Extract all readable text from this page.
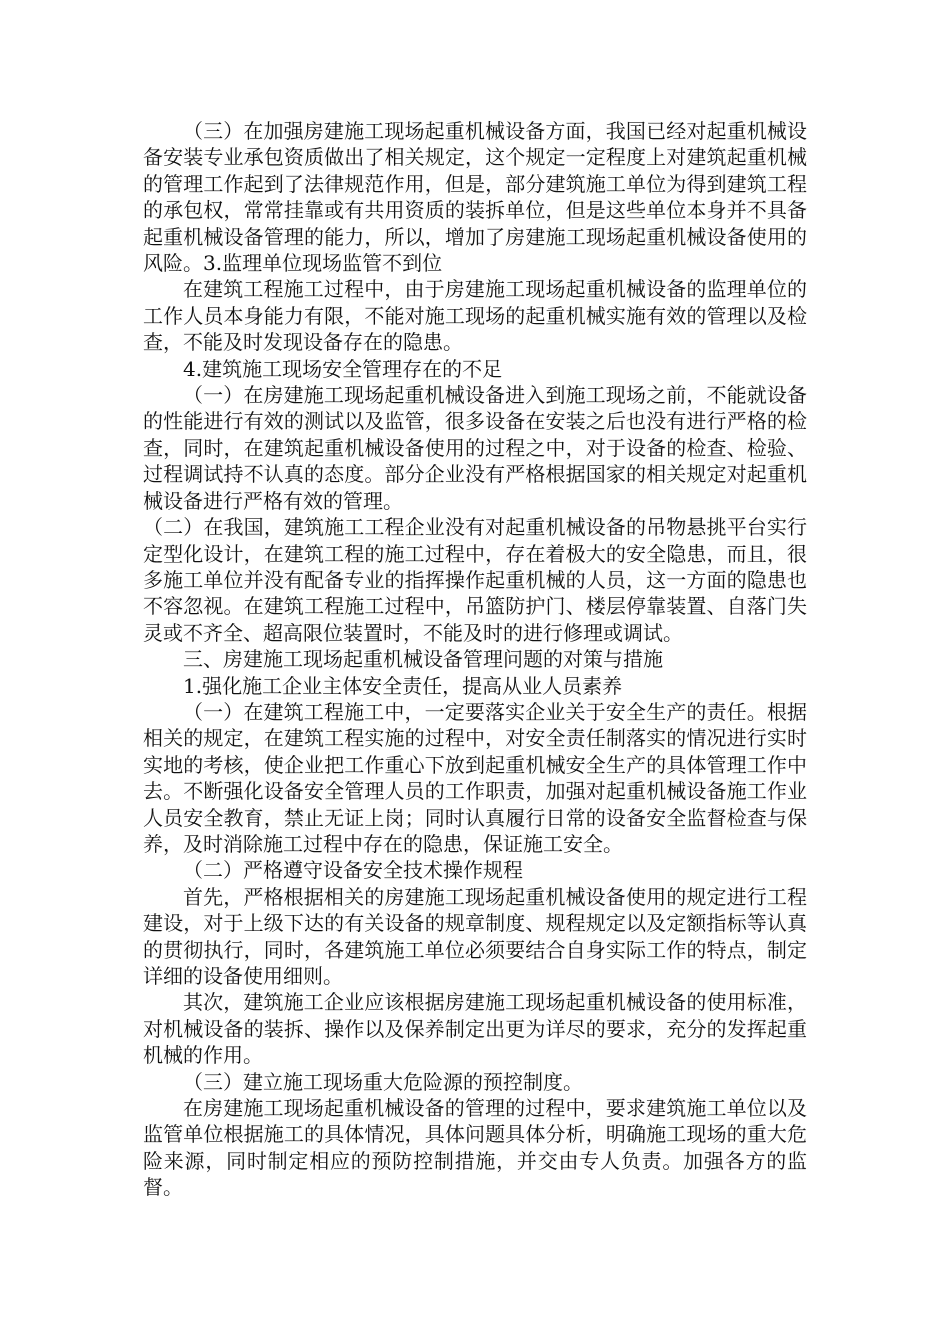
（三）在加强房建施工现场起重机械设备方面，我国已经对起重机械设备安装专业承包资质做出了相关规定，这个规定一定程度上对建筑起重机械的管理工作起到了法律规范作用，但是，部分建筑施工单位为得到建筑工程的承包权，常常挂靠或有共用资质的装拆单位，但是这些单位本身并不具备起重机械设备管理的能力，所以，增加了房建施工现场起重机械设备使用的风险。3.监理单位现场监管不到位

在建筑工程施工过程中，由于房建施工现场起重机械设备的监理单位的工作人员本身能力有限，不能对施工现场的起重机械实施有效的管理以及检查，不能及时发现设备存在的隐患。

4.建筑施工现场安全管理存在的不足

（一）在房建施工现场起重机械设备进入到施工现场之前，不能就设备的性能进行有效的测试以及监管，很多设备在安装之后也没有进行严格的检查，同时，在建筑起重机械设备使用的过程之中，对于设备的检查、检验、过程调试持不认真的态度。部分企业没有严格根据国家的相关规定对起重机械设备进行严格有效的管理。

（二）在我国，建筑施工工程企业没有对起重机械设备的吊物悬挑平台实行定型化设计，在建筑工程的施工过程中，存在着极大的安全隐患，而且，很多施工单位并没有配备专业的指挥操作起重机械的人员，这一方面的隐患也不容忽视。在建筑工程施工过程中，吊篮防护门、楼层停靠装置、自落门失灵或不齐全、超高限位装置时，不能及时的进行修理或调试。

三、房建施工现场起重机械设备管理问题的对策与措施

1.强化施工企业主体安全责任，提高从业人员素养

（一）在建筑工程施工中，一定要落实企业关于安全生产的责任。根据相关的规定，在建筑工程实施的过程中，对安全责任制落实的情况进行实时实地的考核，使企业把工作重心下放到起重机械安全生产的具体管理工作中去。不断强化设备安全管理人员的工作职责，加强对起重机械设备施工作业人员安全教育，禁止无证上岗；同时认真履行日常的设备安全监督检查与保养，及时消除施工过程中存在的隐患，保证施工安全。

（二）严格遵守设备安全技术操作规程

首先，严格根据相关的房建施工现场起重机械设备使用的规定进行工程建设，对于上级下达的有关设备的规章制度、规程规定以及定额指标等认真的贯彻执行，同时，各建筑施工单位必须要结合自身实际工作的特点，制定详细的设备使用细则。

其次，建筑施工企业应该根据房建施工现场起重机械设备的使用标准，对机械设备的装拆、操作以及保养制定出更为详尽的要求，充分的发挥起重机械的作用。

（三）建立施工现场重大危险源的预控制度。

在房建施工现场起重机械设备的管理的过程中，要求建筑施工单位以及监管单位根据施工的具体情况，具体问题具体分析，明确施工现场的重大危险来源，同时制定相应的预防控制措施，并交由专人负责。加强各方的监督。
